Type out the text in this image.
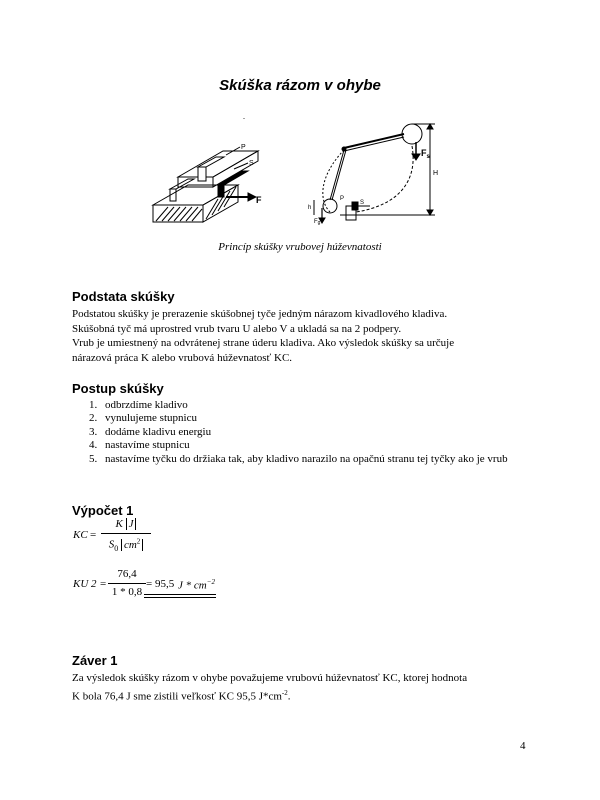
Skúška rázom v ohybe
.
P
S
F
$F_s$
H
h
Fg
P
S
Princíp skúšky vrubovej húževnatosti
Podstata skúšky

Podstatou skúšky je prerazenie skúšobnej tyče jedným nárazom kivadlového kladiva.

Skúšobná tyč má uprostred vrub tvaru U alebo V a ukladá sa na 2 podpery.

Vrub je umiestnený na odvrátenej strane úderu kladiva. Ako výsledok skúšky sa určuje

nárazová práca K alebo vrubová húževnatosť KC.

Postup skúšky
1. odbrzdíme kladivo
2. vynulujeme stupnicu
3. dodáme kladivu energiu
4. nastavíme stupnicu
5. nastavíme tyčku do držiaka tak, aby kladivo narazilo na opačnú stranu tej tyčky ako je vrub
Výpočet 1
KC =
K J
$S_0$ $cm^2$
KU 2 =
76,4
1 * 0,8
= 95,5 J * $cm^{-2}$
Záver 1

Za výsledok skúšky rázom v ohybe považujeme vrubovú húževnatosť KC, ktorej hodnota

K bola 76,4 J sme zistili veľkosť KC 95,5 $J*cm^{-2}$.

4
